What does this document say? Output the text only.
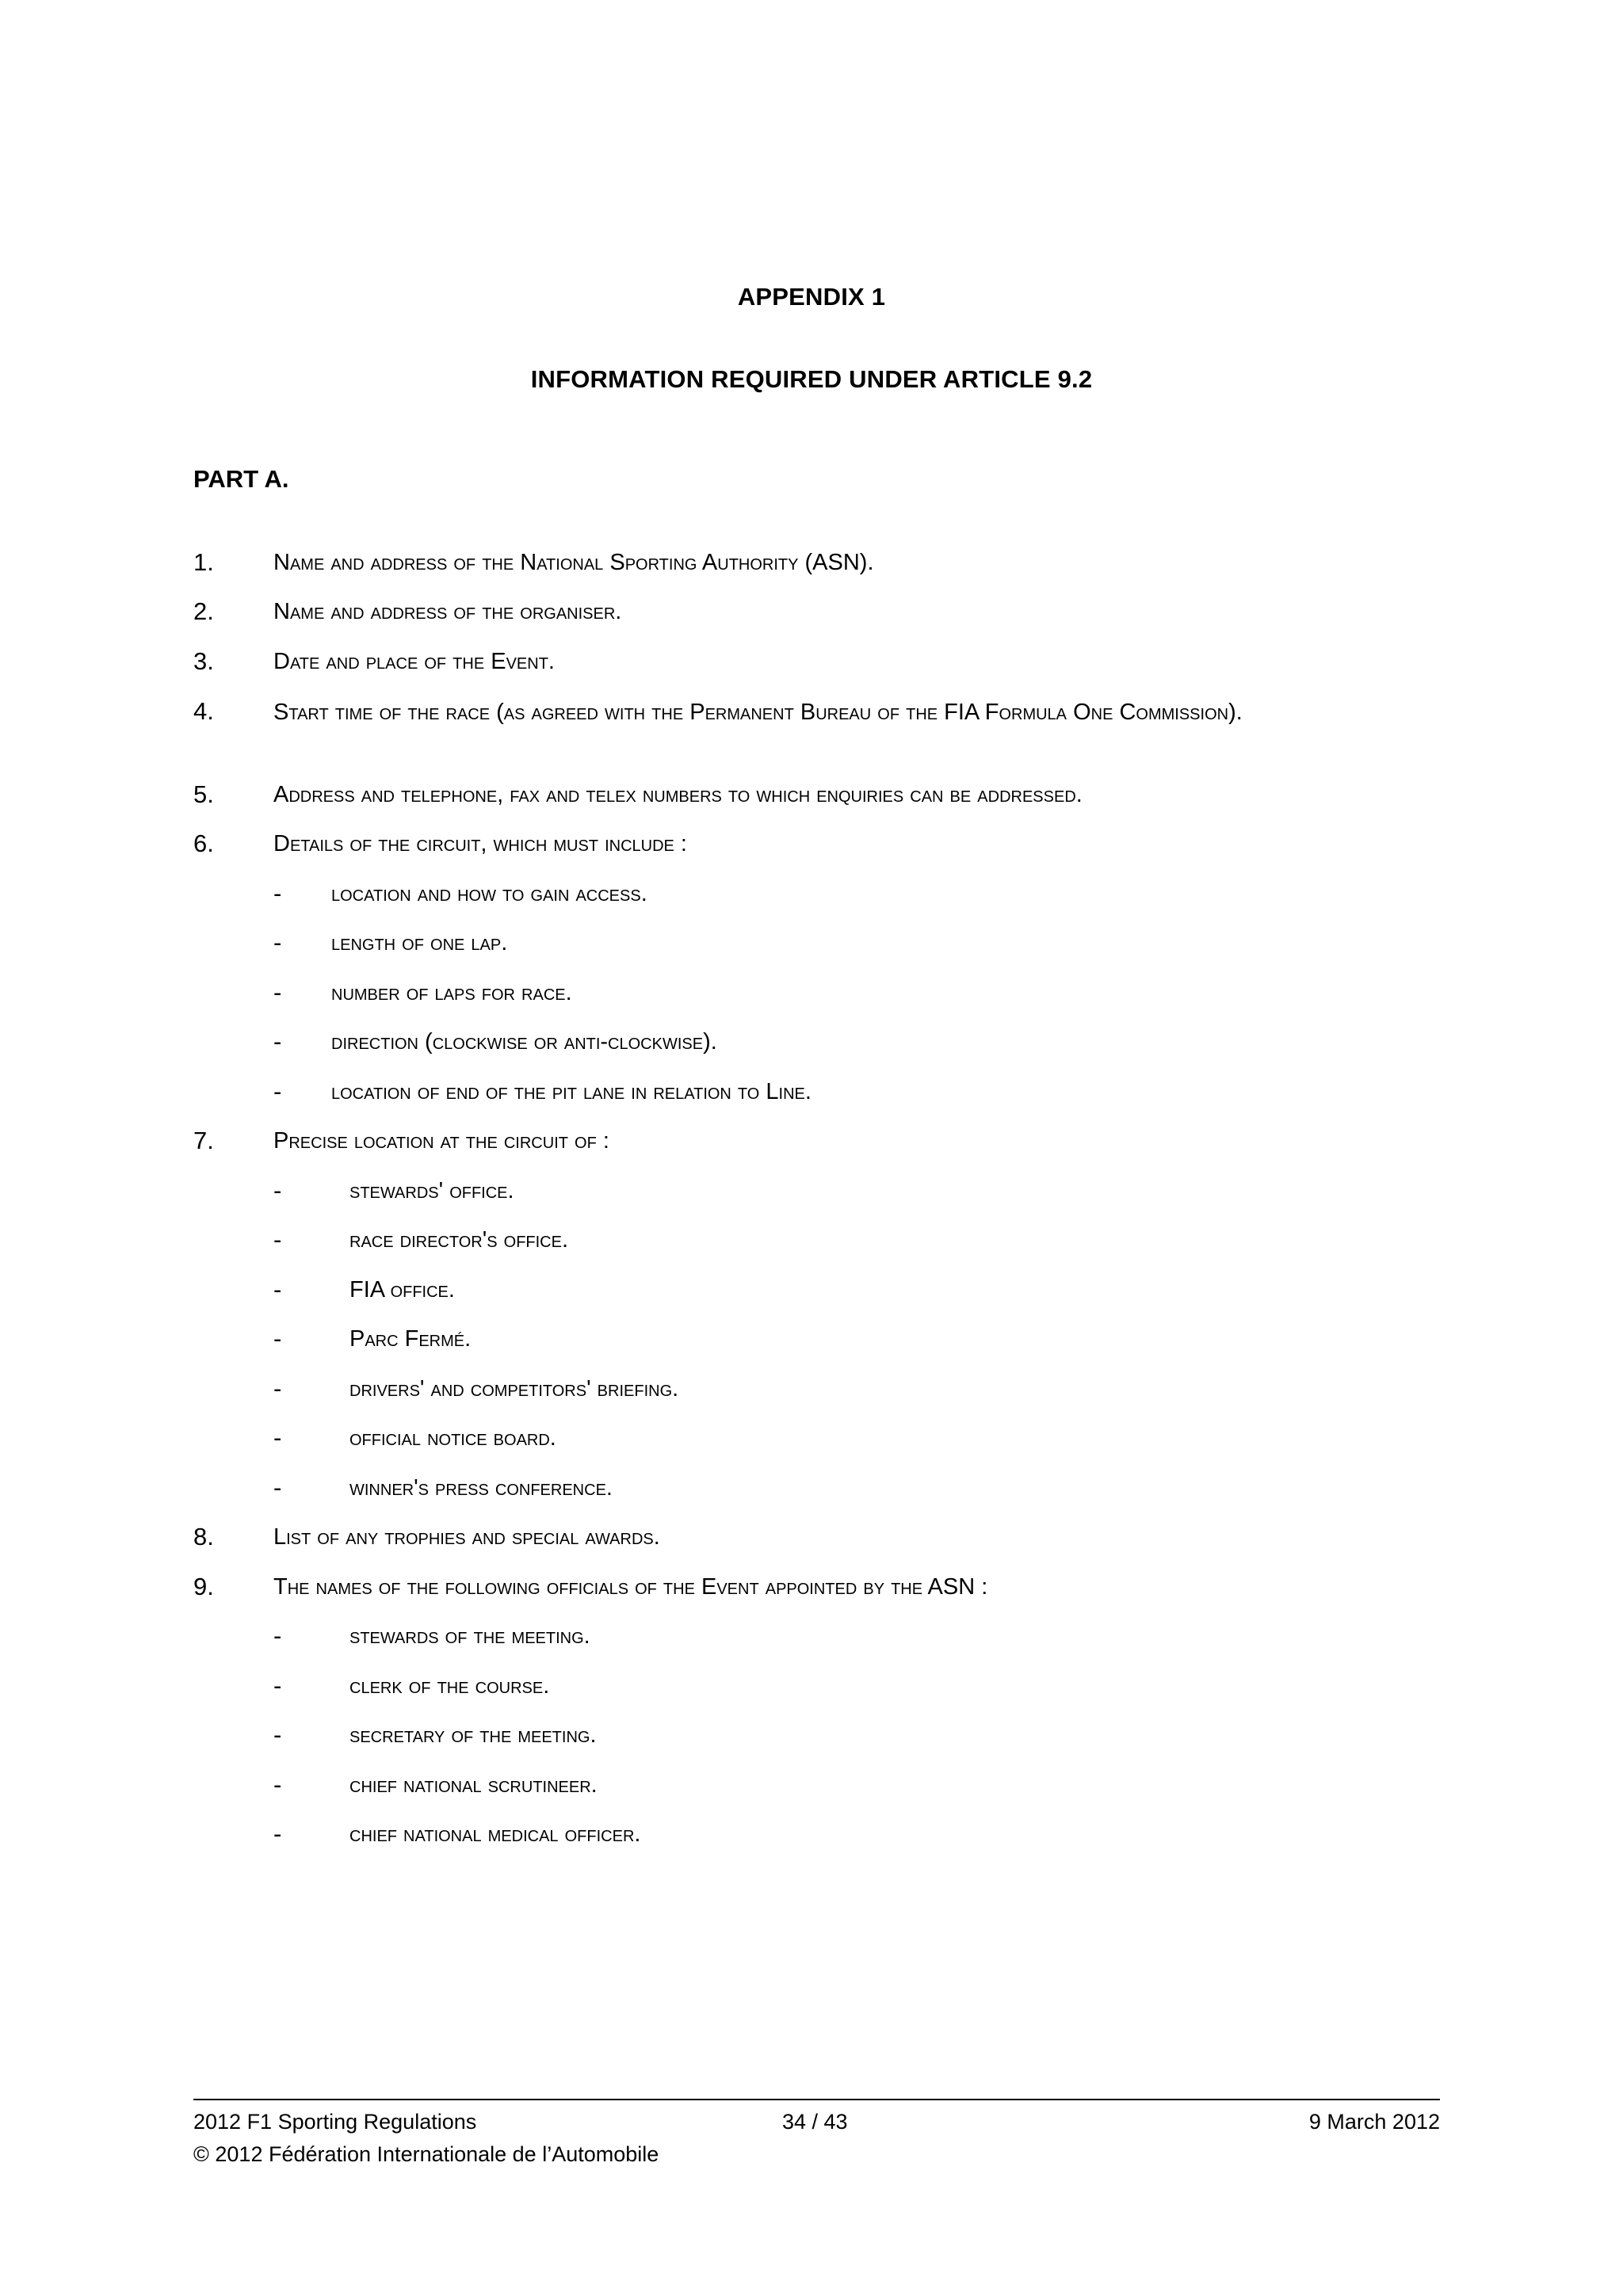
APPENDIX 1
INFORMATION REQUIRED UNDER ARTICLE 9.2
PART A.
1.	Name and address of the National Sporting Authority (ASN).
2.	Name and address of the organiser.
3.	Date and place of the Event.
4.	Start time of the race (as agreed with the Permanent Bureau of the FIA Formula One Commission).
5.	Address and telephone, fax and telex numbers to which enquiries can be addressed.
6.	Details of the circuit, which must include :
- location and how to gain access.
- length of one lap.
- number of laps for race.
- direction (clockwise or anti-clockwise).
- location of end of the pit lane in relation to Line.
7.	Precise location at the circuit of :
-	stewards' office.
-	race director's office.
-	FIA office.
-	Parc Fermé.
-	drivers' and competitors' briefing.
-	official notice board.
-	winner's press conference.
8.	List of any trophies and special awards.
9.	The names of the following officials of the Event appointed by the ASN :
-	stewards of the meeting.
-	clerk of the course.
-	secretary of the meeting.
-	chief national scrutineer.
-	chief national medical officer.
2012 F1 Sporting Regulations	34 / 43	9 March 2012
© 2012 Fédération Internationale de l’Automobile
